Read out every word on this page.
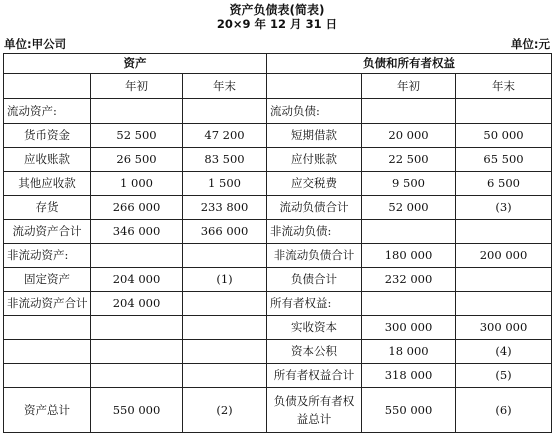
资产负债表(简表)
20×9 年 12 月 31 日
单位:甲公司	单位:元
资产			负债和所有者权益		
	年初	年末		年初	年末
流动资产:			流动负债:		
货币资金	52 500	47 200	短期借款	20 000	50 000
应收账款	26 500	83 500	应付账款	22 500	65 500
其他应收款	1 000	1 500	应交税费	9 500	6 500
存货	266 000	233 800	流动负债合计	52 000	(3)
流动资产合计	346 000	366 000	非流动负债:		
非流动资产:			非流动负债合计	180 000	200 000
固定资产	204 000	(1)	负债合计	232 000	
非流动资产合计	204 000		所有者权益:		
			实收资本	300 000	300 000
			资本公积	18 000	(4)
			所有者权益合计	318 000	(5)
资产总计	550 000	(2)	负债及所有者权益总计	550 000	(6)
